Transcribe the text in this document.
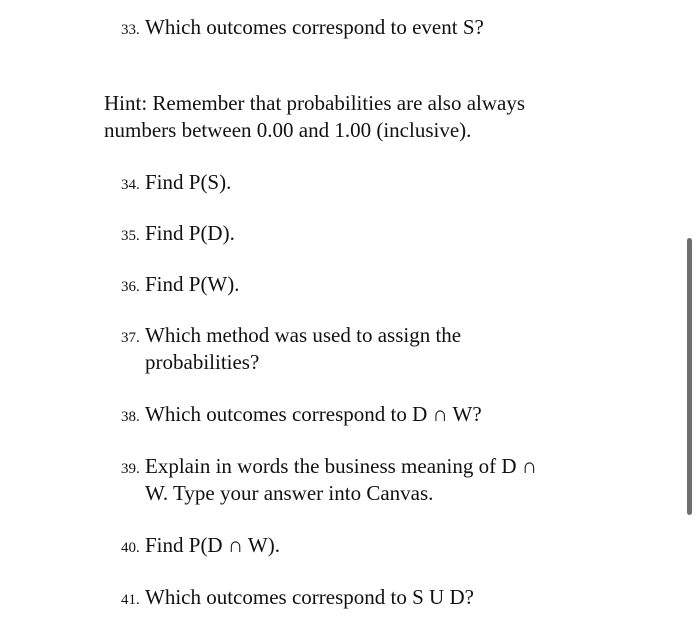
33. Which outcomes correspond to event S?
Hint: Remember that probabilities are also always
numbers between 0.00 and 1.00 (inclusive).
34. Find P(S).
35. Find P(D).
36. Find P(W).
37. Which method was used to assign the
probabilities?
38. Which outcomes correspond to D ∩ W?
39. Explain in words the business meaning of D ∩
W. Type your answer into Canvas.
40. Find P(D ∩ W).
41. Which outcomes correspond to S U D?
